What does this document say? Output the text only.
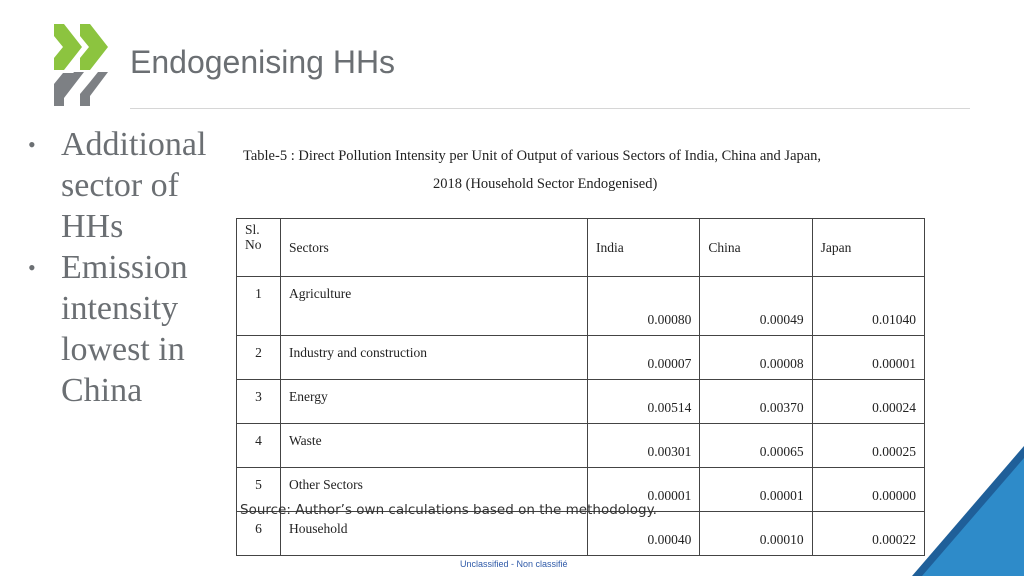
Endogenising HHs
• Additional sector of HHs
• Emission intensity lowest in China
Table-5 : Direct Pollution Intensity per Unit of Output of various Sectors of India, China and Japan,
2018 (Household Sector Endogenised)
Sl.
No	Sectors	India	China	Japan
1	Agriculture	0.00080	0.00049	0.01040
2	Industry and construction	0.00007	0.00008	0.00001
3	Energy	0.00514	0.00370	0.00024
4	Waste	0.00301	0.00065	0.00025
5	Other Sectors	0.00001	0.00001	0.00000
6	Household	0.00040	0.00010	0.00022
Source: Author’s own calculations based on the methodology.
Unclassified - Non classifié
